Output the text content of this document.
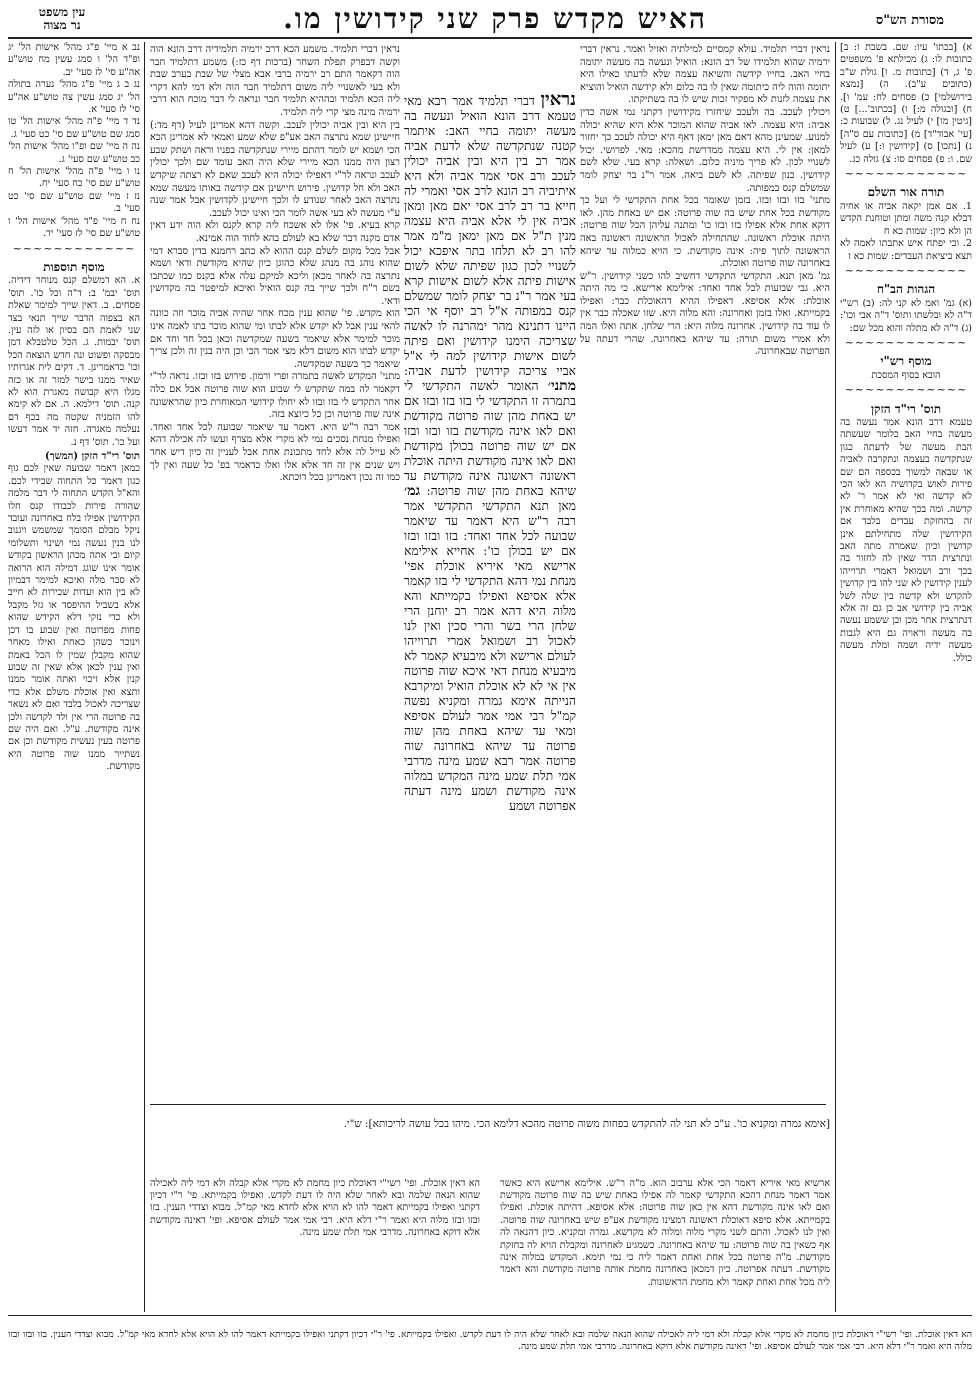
עין משפט
נר מצוה	האיש מקדש פרק שני קידושין מו.	מסורת הש"ס

א) [בכתו' עיו: שם. בשבת ו: ב] כתובות לו: ג) מכילתא פ' משפטים פ' ג, ד) [כתובות מ. ו] גולת ש"כ (כתובים ע"ב). ה) [נמצא בירושלמי] כ) פסחים לח: עמ' ו]. ח) [ובגולה מ:] ו) [בכתוב'...] ט) [גיטין מו] י) לעיל נג. ל) שבועות כ: [עי' אבוד"ד] מ) [כתובות עם ס"ה] נ) [נתכו] ס) [קידושין ו:] ע) לעיל שם. ו: פ) פסחים סו: צ) גולה כג.

~~~~~~~~~~~~
תורה אור השלם

1. אם אמן יקאה אביה או אחיה דבלא קנה משה ומתן וטוחנת הקדש הן ולא כיון: שמות כא ח
2. וכי יפתח איש אתבתו לאמה לא תצא ביציאת העבדים: שמות כא ז

~~~~~~~~~~~~
הגהות הב"ח

(א) גמ' ואמ לא קני לה: (ב) רש"י ד"ה לא ובלשתו ותוס' ד"ה אבי וכו': (ג) ד"ה לא מתלה והוא מכל שם:

~~~~~~~~~~~~
מוסף רש"י

הובא בסוף המסכת

~~~~~~~~~~~~
תוס' רי"ד הזקן

טעמא דרב הונא אמר נעשה בה מעשה בחיי האב כלומר שעשתה הבת מעשה של לדעתה כגון שנתקדשה בעצמה ונתקרבה לאביה או שבאה למשוך בכספה הם שם פירות לאוש בקדושיה הא לאו הכי לא קדשה ואי לא אמר ר' לא קדשה. ומה בכך שהיא מאוחרת אין זה בהחזקת עבדים בלבד אם הקידושין שלה מתחילתם אינן קדושין וכיון שאמרה מתה האב ונתרצית הדר שאין לה לחזור בה בכך ורב ושמואל דאמרי תרוייהו לענין קידושין לא שני להו בין קדושין להקדש ולא קדשה בין שלה לשל אביה בין קידושי אב כן גם זה אלא דנתרצית אחר מכן ובן ששמע נעשה בה מעשה וראויה גם היא לגבות מעשה ידיה ושמה ומלת מעשה כולל.

נב א מיי' פ"ג מהל' אישות הל' יג ופ"ד הל' ו סמג עשין מח טוש"ע אה"ע סי' לז סעי' יב.
נג ב ג מיי' פ"ג מהל' נערה בתולה הל' יג סמג עשין צה טוש"ע אה"ע סי' לז סעי' א.
נד ד מיי' פ"ה מהל' אישות הל' טו סמג שם טוש"ע שם סי' כט סעי' ג.
נה ה מיי' שם ופ"ו מהל' אישות הל' כב טוש"ע שם סעי' ג.
נו ו מיי' פ"ה מהל' אישות הל' ח טוש"ע שם סי' כח סעי' יח.
נז ז מיי' שם טוש"ע שם סי' כט סעי' ב.
נח ח מיי' פ"ד מהל' אישות הל' ו טוש"ע שם סי' לז סעי' יד.

~~~~~~~~~~~~
מוסף תוספות

א. הא דמשלם קנס מנוחר דידיה. תוס' יבמ' ב: ד"ה וכל כו'. תוס' פסחים. ב. דאין שייך למימר שאלת הא בצפוה הדבר שייך תנאי בצד שני לאמת הם בסיון או לזה עין. תוס' יבמות. ג. הכל טלטבלא דמן מבסקה ופשוט ונה חדש הוצאה הכל וכו' כדאמרינן. ד. דקים לית אגרותיו שאיר ממנו בישר למזר זה או כזה מגלו היא קבושה מאגרת הוא לא קנה. תוס' דילמא. ה. אם לא קימא להו הזמניה שקטה מה בכף דם נעלמה מאגרה. חזה יד אמר דעשו ועל כו'. תוס' דף נ.

תוס' רי"ד הזקן (המשך)

כמאן דאמר שבועה שאין לכם גוף כגון דאמר כל התחוה שבידי לכם. והא"ל הקדש התחוה לי דבר מלמה שהורה פירות לכבודו קנס חלו הקידושין אפילו בלח באחרונה ועובד ניקל מבלם הסומך שמשמש ויגנוב לנו בנין נעשה נמי ושינוי ותשלומי קיום ובי אתה מכהן הראשון בקודש אומר אינו שוגג דמילה הוא הרואה לא סבר מלה ואיכא למימר דבמיון לא בין הוא ועדות שכירות לא חייב אלא בשביל ההיפסד או גזל מקבל ולא כדי נזקי דלא הקידש שהוא פחות מפרוטה ואין שבוע בו דכן וינוכר כשהן כאחת ואילו מאחר שהוא מקבלן שמין לו הכל באמת ואין ענין לכאן אלא שאין זה שבוע קנין אלא זיכוי ואתה אומר ממנו ותצא ואין אוכלת משלם אלא כדי שצריכה לאכול בלבד ואם לא נשאר בה פרוטה הרי אין ולד לקדשה ולכן אינה מקודשת. ע"ל. ואם היה שם פרוטה בעין נעשית מקודשת וכן אם נשתייר ממנו שוה פרוטה היא מקודשת.

נראין דברי תלמיד. עולא קמסיים למילתיה ואזיל ואמר. נראין דברי ירמיה שהוא תלמידו של רב הונא: הואיל ונעשה בה מעשה יתומה בחיי האב. בחייו קידשה והשיאה עצמה שלא לדעתו כאילו היא יתומה והוה ליה כיתומה שאין לו בה כלום ולא קידשה הואיל והוציא את עצמה לזנות לא מפקיר זכות שיש לו בה בשתיקתו.
ויכולין לעכב. בה ולעכב שיחזרו מקידושין דקתני נמי אשה כדין אביה: היא עצמה. לאו אביה שהוא המוכר אלא היא שהיא יכולה למנוע. שמעינן מהא דאם מאן ימאן דאף היא יכולה לעכב כך יחזור למאן: אין לי. היא עצמה ממדרשת מהכא: מאי. לפרושי. יכול לשנויי לכון. לא פריך מיניה כלום. ושאלה: קרא בעי. שלא לשם קידושין. כנון שפיתה. לא לשם ביאה. אמר ר"נ בר יצחק לומר שמשלם קנס במפותה.
מתני' בזו ובזו ובזו. בזמן שאומר בכל אחת התקדשי לי ועל כך מקודשת בכל אחת שיש בה שוה פרוטה: אם יש באחת מהן. לאו דוקא אחת אלא אפילו בזו ובזו כו' ומתנה עליהן הכל שוה פרוטה: היתה אוכלת ראשונה. שהתחילה לאכול הראשונה ראשונה באה הראשונה לתוך פיה: אינה מקודשת. כי הויא כמלוה עד שיהא באחרונה שוה פרוטה ואוכלת.
גמ' מאן תנא. התקדשי התקדשי דחשיב להו כשני קידושין. ר"ש היא. גבי שבועות לכל אחד ואחד: אילימא ארישא. כי מה היתה אוכלת: אלא אסיפא. דאפילו ההיא דהאוכלת כבר: ואפילו בקמייתא. ואלו בזמן ואחרונה: והא מלוה היא. שזו שאכלה כבר אין לו עוד בה קידושין. אחרונה מלוה היא: הרי שלחן. אתה ואלו המה ולא אמרי משום תורה: עד שיהא באחרונה. שהרי דעתה על הפרוטה שבאחרונה.

נראין דברי תלמיד. משמע הכא דרב ירמיה תלמידיה דרב הונא הוה וקשה דבפרק תפלת השחר (ברכות דף כז:) משמע דתלמיד חבר הוה דקאמר התם רב ירמיה ברבי אבא מצלי של שבת בערב שבת ולא בעי לאשנויי ליה משום דתלמיד חבר הוה ולא דמי להא דקרי ליה הכא תלמיד ובההיא תלמיד חבר ונראה לי דבר מוכח הוא דרבי ירמיה מינה מצי קרי ליה תלמיד.
בין היא ובין אביה יכולין לעכב. וקשה דהא אמרינן לעיל (דף מד:) חיישינן שמא נתרצה האב אע"פ שלא שמע ואמאי לא אמרינן הכא הכי ושמא יש לומר דהתם מיירי שנתקדשה בפניו וראה ושתק שבע רצון היה ממנו הכא מיירי שלא היה האב עומד שם ולכך יכולין לעכב ונראה לר"י דאפילו יכולה היא לעכב שאם לא רצתה שיקדש האב ולא חל קדושין. פירוש חיישינן אם קידשה באותו מעשה שמא נתרצה האב לאחר שנודע לו ולכך חיישינן לקדושין אבל אמר שנה ע"י מעשה לא בעי אשה לומר הכי ואינו יכול לעכב.
קרא בעיא. פי' אלו לא אשכח ליה קרא לקנס ולא הוה ידע דאין אדם מקנה דבר שלא בא לעולם בהא לחוד הוה אמינא.
אבל מכל מקום לשלם קנס ההוא לא כתב רחמנא בדין סברא דמי שהוא נוהג בה מנהג שלא כהוגן כיון שהיא מקודשת ודאי ושמא נתרצה בה לאחר מכאן וליכא למיקם עלה אלא בקנס כמו שכתבו בשם ר"ח ולכך שייך בה קנס הואיל ואיכא למיפטר בה מקדושין ודאי.
הוא מקדש. פי' שהוא ענין מכח אחר שהיה אביה מוכר וזה כוונה להאי ענין אבל לא יקדש אלא לבתו ומי שהוא מוכר בתו לאמה אינו מוכר למימר אלא שיאמר בשעה שמקדשה וכאן בכל חד וחד אם יקדש לבתו הוא משום דלא מצי אמר הכי וכן היה בנין זה ולכן צריך שיאמר כך בשעה שמקדשה.
מתני' המקדש לאשה בתמרה ופרי ורמון. פירוש בזו ובזו. נראה לר"י דקאמר לה במה שתקדש לי שבוע הוא שוה פרוטה אבל אם כלה אחר התקדש לי בזו ובזו לא יחולו קידושי המאוחרת כיון שהראשונה אינה שוה פרוטה וכן כל כיוצא בזה.
אמר רבה ר"ש היא. דאמר עד שיאמר שבועה לכל אחד ואחד. ואפילו מנחת נסכים נמי לא מקרי אלא מצרף ועשו לה אכילה דהא לא עייל לה אלא לחד מתכונת אחת אבל לעניין זה כיון דיש אחד ויש שנים אין זה חד אלא אלו ואלו כדאמר בפ' כל שעה ואין לך כמו זה נכון דאמרינן בכל דוכתא.

נראין דברי תלמיד אמר רבא מאי טעמא דרב הונא הואיל ונעשה בה מעשה יתומה בחיי האב: איתמר קטנה שנתקדשה שלא לדעת אביה אמר רב בין היא ובין אביה יכולין לעכב ורב אסי אמר אביה ולא היא איתיביה רב הונא לרב אסי ואמרי לה חייא בר רב לרב אסי יאם מאן ומאן אביה אין לי אלא אביה היא עצמה מנין ת"ל אם מאן ימאן מ"מ אמר להו רב לא תלחו בתר איפכא יכול לשנויי לכון כגון שפיתה שלא לשום אישות פיתה אלא לשום אישות קרא בעי אמר ר"נ בר יצחק לומר שמשלם קנס במפותה א"ל רב יוסף אי הכי היינו דתנינא מהר ימהרנה לו לאשה שצריכה הימנו קידושין ואם פיתה לשום אישות קידושין למה לי א"ל אביי צריכה קידושין לדעת אביה: מתני׳ האומר לאשה התקדשי לי בתמרה זו התקדשי לי בזו בזו ובזו אם יש באחת מהן שוה פרוטה מקודשת ואם לאו אינה מקודשת בזו ובזו ובזו אם יש שוה פרוטה בכולן מקודשת ואם לאו אינה מקודשת היתה אוכלת ראשונה ראשונה אינה מקודשת עד שיהא באחת מהן שוה פרוטה: גמ׳ מאן תנא התקדשי התקדשי אמר רבה ר"ש היא דאמר עד שיאמר שבועה לכל אחד ואחד: בזו ובזו ובזו אם יש בכולן כו': אחייא אילימא ארישא מאי איריא אוכלת אפי' מנחת נמי דהא התקדשי לי בזו קאמר אלא אסיפא ואפילו בקמייתא והא מלוה היא דהא אמר רב יוחנן הרי שלחן הרי בשר והרי סכין ואין לנו לאכול רב ושמואל אמרי תרוייהו לעולם ארישא ולא מיבעיא קאמר לא מיבעיא מנחת דאי איכא שוה פרוטה אין אי לא לא אוכלת הואיל ומיקרבא הנייתה אימא גמרה ומקניא נפשה קמ"ל רבי אמי אמר לעולם אסיפא ומאי עד שיהא באחת מהן שוה פרוטה עד שיהא באחרונה שוה פרוטה אמר רבא שמע מינה מדרבי אמי תלת שמע מינה המקדש במלוה אינה מקודשת ושמע מינה דעתה אפרוטה ושמע

[אימא גמרה ומקניא כו'. ע"כ לא תני לה להתקדש בפחות משוה פרוטה מהכא דלימא הכי. מיהו בכל עושה לריכותא]: ש"י.

ארשיא מאי איריא דאמר הכי אלא ערבוב הוא. מ"ה ר"ש. אילימא ארישא היא כאשר אמר דאמר מנחת דהכא התקדשי קאמר לה אפילו באחת שיש בה שוה פרוטה מקודשת ואם לאו אינה מקודשת דהא אין כאן שוה פרוטה: אלא אסיפא. דהיתה אוכלת. ואפילו בקמייתא. אלא סיפא דאוכלת ראשונה דמצינו מקודשת אע"פ שיש באחרונה שוה פרוטה. ואין לנו לאכול. והתם לשני מקרי מלוה ומלוה לא מקדשא. גמרה ומקניא. כיון דהנאה לה אף כשאין בה שוה פרוטה: עד שיהא באחרונה. כשמגיע לאחרונה ומקבלת הויא לה בחזקת מקודשת. מ"ה פרוטה בכל אחת ואחת דאמר ליה כי נמי תימא. המקדש במלוה אינה מקודשת. דעתה אפרוטה. כיון דמכאן באחרונה מחמת אותה פרוטה מקודשת והא דאמר ליה מכל אחת ואחת קאמר ולא מחמת הראשונות.

הא דאין אוכלת. ופי' רשי"י דאוכלת כיון מחמת לא מקרי אלא קבלה ולא דמי ליה לאכילה שהוא הנאה שלמה ובא לאחר שלא היה לו דעת לקדש. ואפילו בקמייתא. פי' ר"י דכיון דקתני ואפילו בקמייתא דאמר להו לא הויא אלא לחדא מאי קמ"ל. מבוא וצדדי הענין. בזו ובזו ובזו מלוה היא ואמר ר"י דלא היא. רבי אמי אמר לעולם אסיפא. ופי' דאינה מקודשת אלא דוקא באחרונה. מדרבי אמי תלת שמע מינה.

הא דאין אוכלת. ופי' רשי"י דאוכלת כיון מחמת לא מקרי אלא קבלה ולא דמי ליה לאכילה שהוא הנאה שלמה ובא לאחר שלא היה לו דעת לקדש. ואפילו בקמייתא. פי' ר"י דכיון דקתני ואפילו בקמייתא דאמר להו לא הויא אלא לחדא מאי קמ"ל. מבוא וצדדי הענין. בזו ובזו ובזו מלוה היא ואמר ר"י דלא היא. רבי אמי אמר לעולם אסיפא. ופי' דאינה מקודשת אלא דוקא באחרונה. מדרבי אמי תלת שמע מינה.
